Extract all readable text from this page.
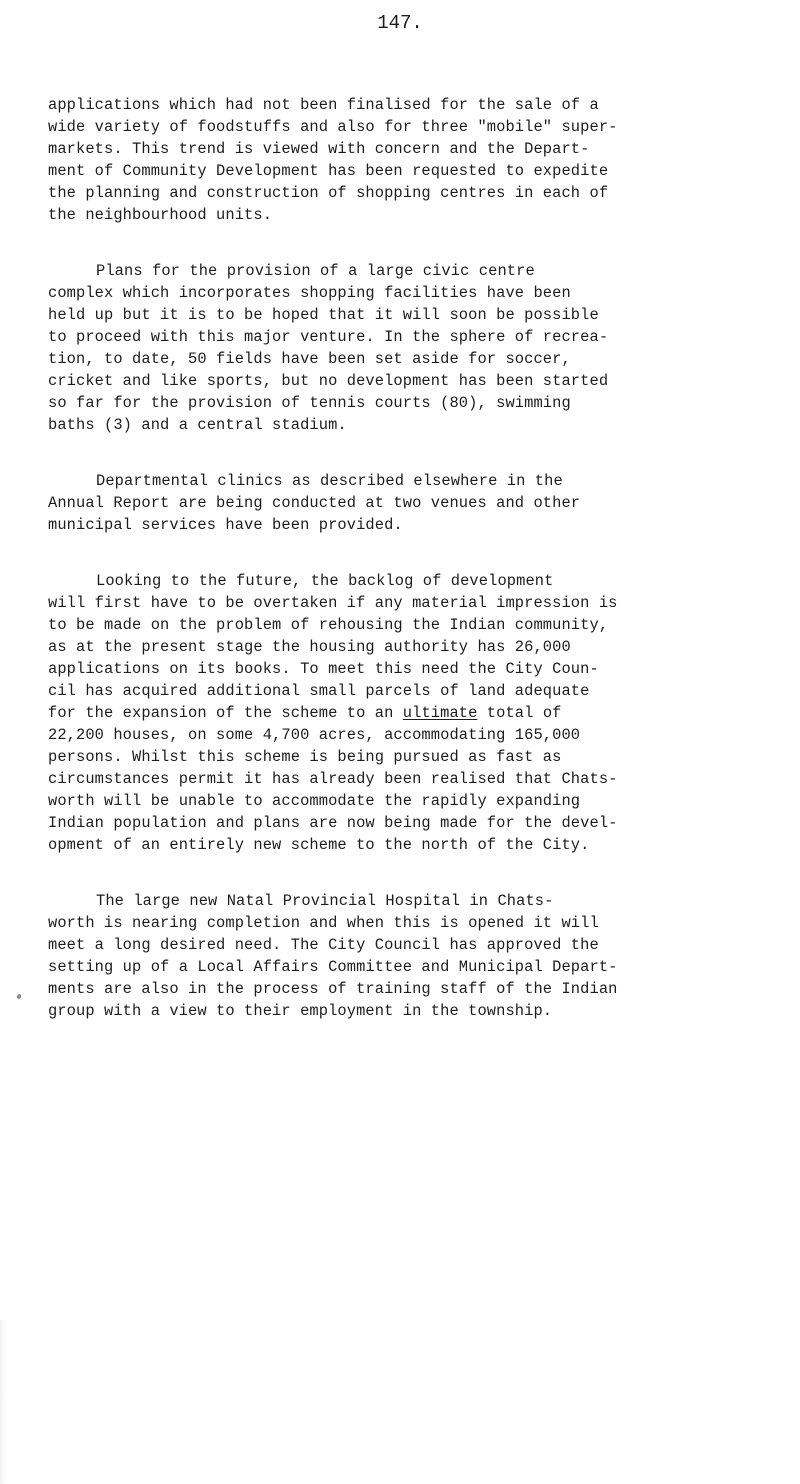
147.

applications which had not been finalised for the sale of a
wide variety of foodstuffs and also for three "mobile" super-
markets. This trend is viewed with concern and the Depart-
ment of Community Development has been requested to expedite
the planning and construction of shopping centres in each of
the neighbourhood units.

Plans for the provision of a large civic centre
complex which incorporates shopping facilities have been
held up but it is to be hoped that it will soon be possible
to proceed with this major venture. In the sphere of recrea-
tion, to date, 50 fields have been set aside for soccer,
cricket and like sports, but no development has been started
so far for the provision of tennis courts (80), swimming
baths (3) and a central stadium.

Departmental clinics as described elsewhere in the
Annual Report are being conducted at two venues and other
municipal services have been provided.

Looking to the future, the backlog of development
will first have to be overtaken if any material impression is
to be made on the problem of rehousing the Indian community,
as at the present stage the housing authority has 26,000
applications on its books. To meet this need the City Coun-
cil has acquired additional small parcels of land adequate
for the expansion of the scheme to an ultimate total of
22,200 houses, on some 4,700 acres, accommodating 165,000
persons. Whilst this scheme is being pursued as fast as
circumstances permit it has already been realised that Chats-
worth will be unable to accommodate the rapidly expanding
Indian population and plans are now being made for the devel-
opment of an entirely new scheme to the north of the City.

The large new Natal Provincial Hospital in Chats-
worth is nearing completion and when this is opened it will
meet a long desired need. The City Council has approved the
setting up of a Local Affairs Committee and Municipal Depart-
ments are also in the process of training staff of the Indian
group with a view to their employment in the township.
